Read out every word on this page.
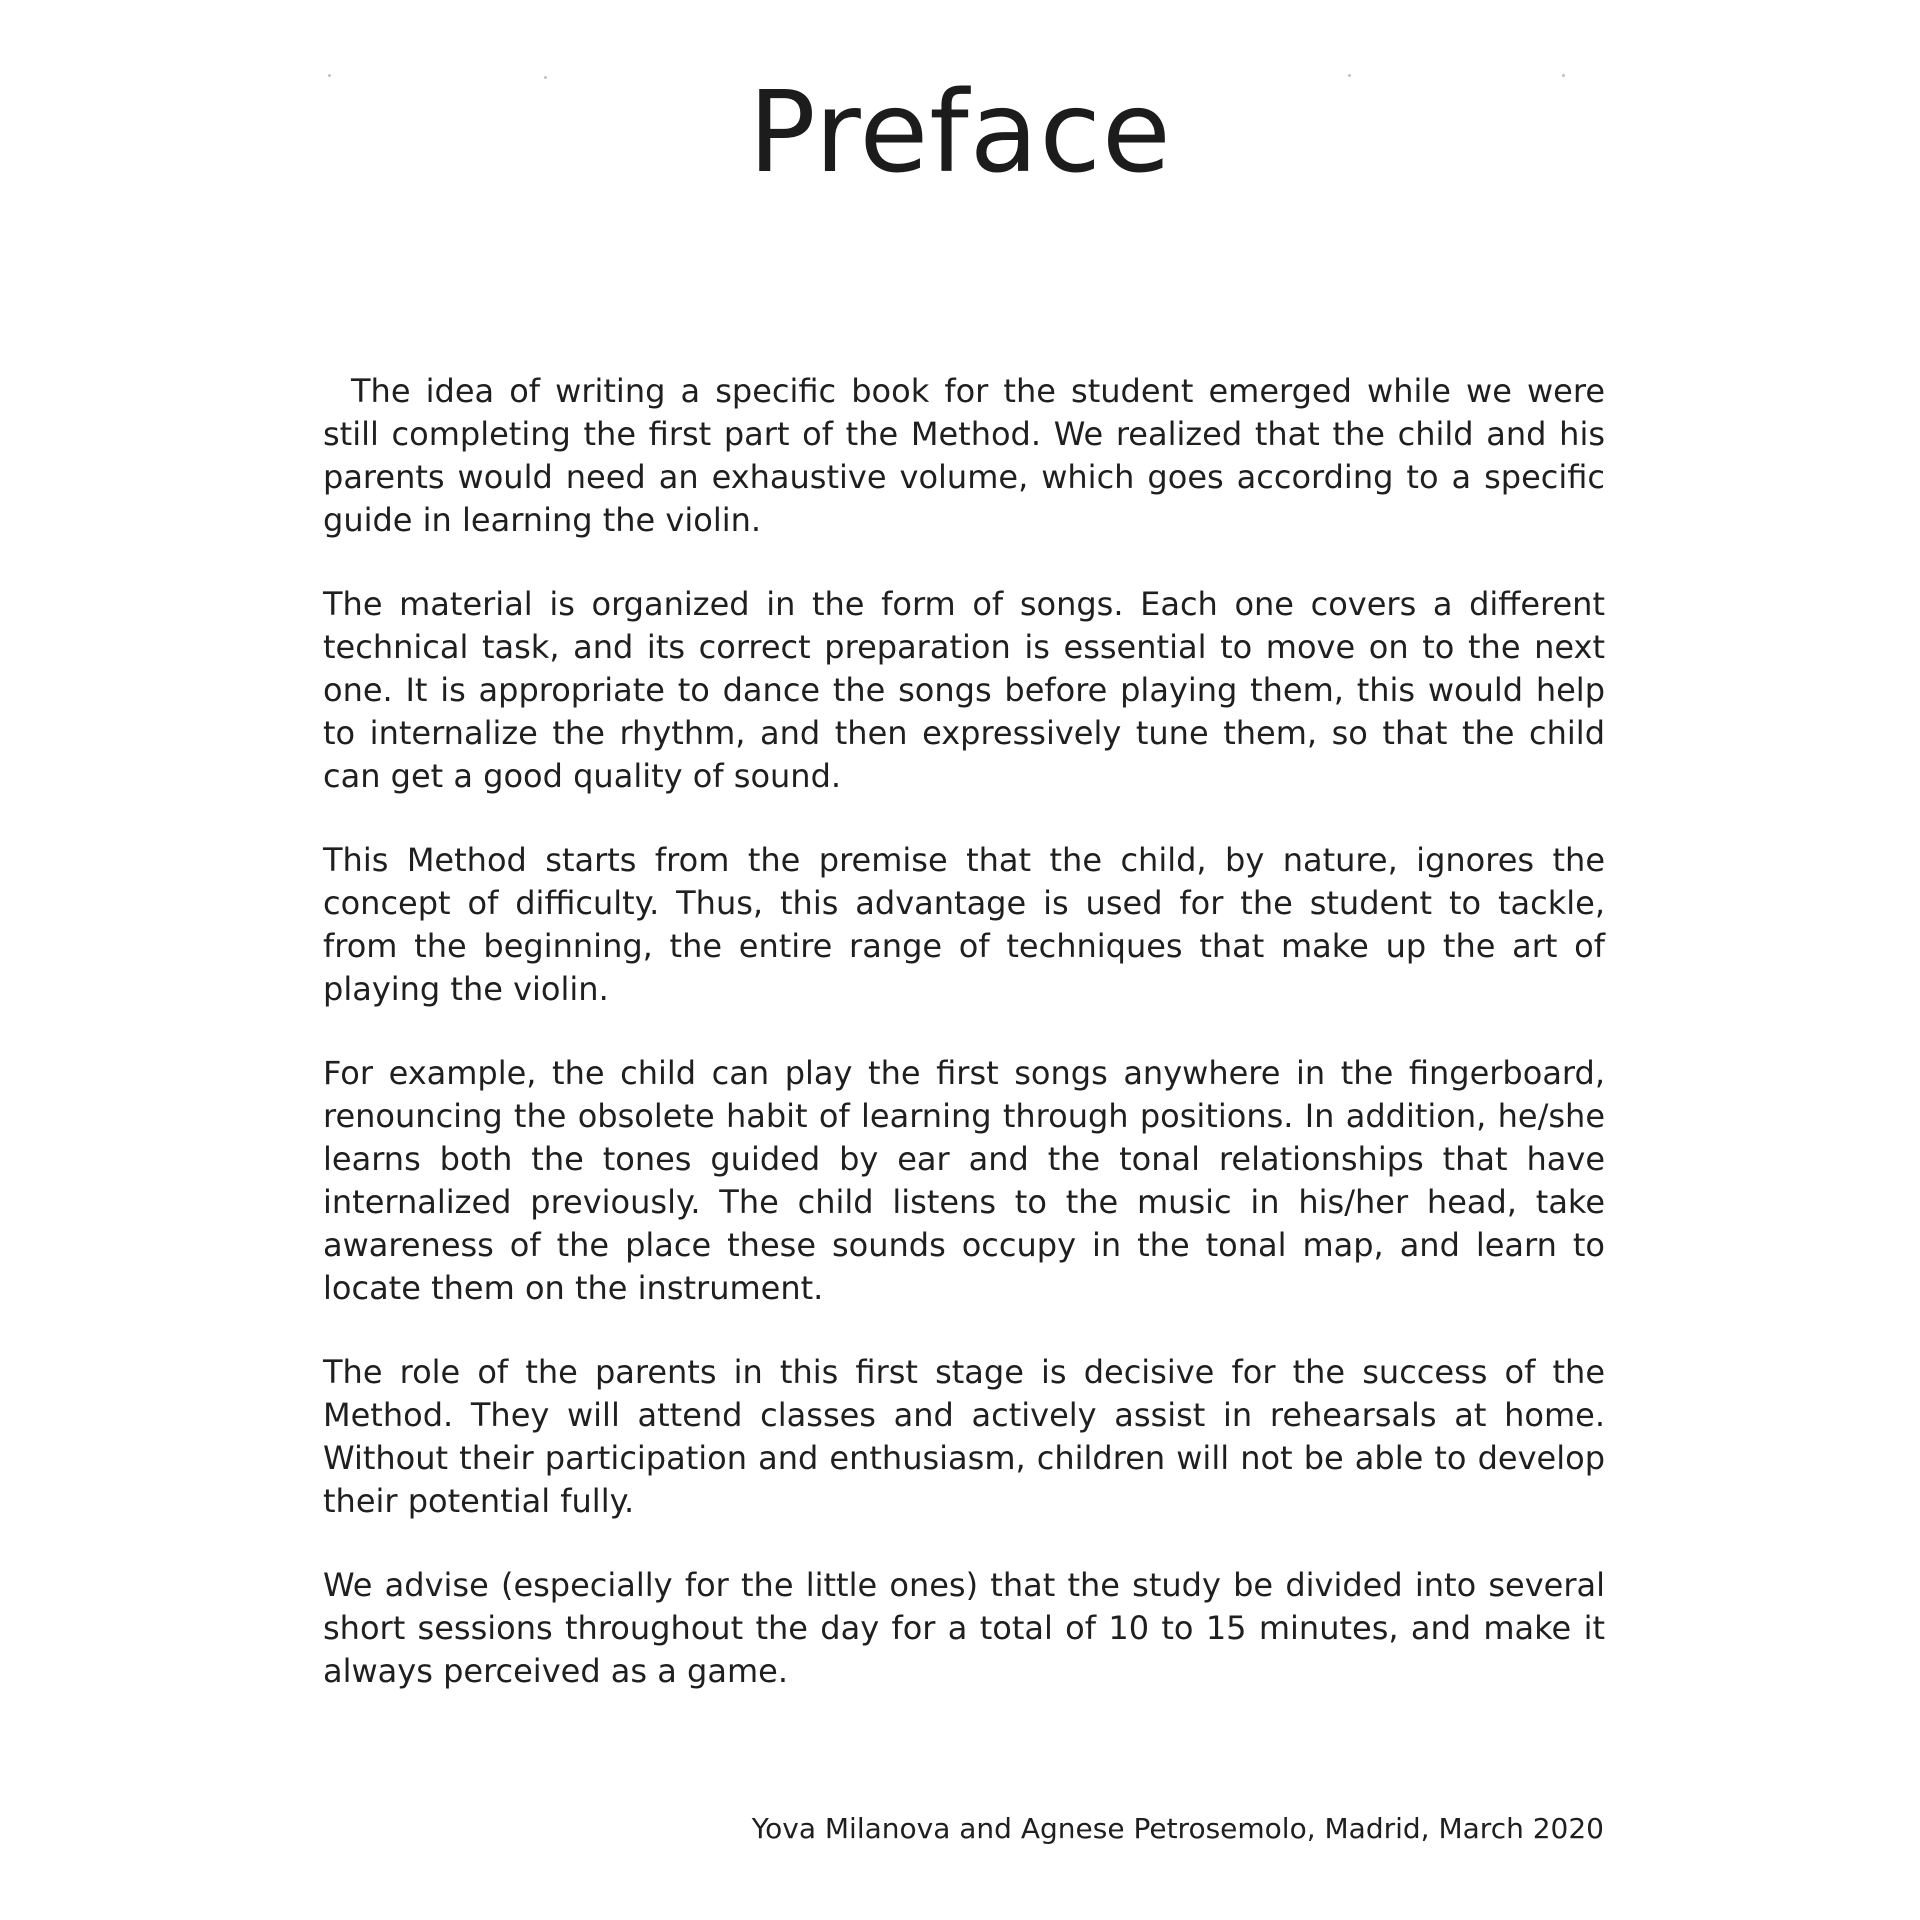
Preface

The idea of writing a specific book for the student emerged while we were still completing the first part of the Method. We realized that the child and his parents would need an exhaustive volume, which goes according to a specific guide in learning the violin.

The material is organized in the form of songs. Each one covers a different technical task, and its correct preparation is essential to move on to the next one. It is appropriate to dance the songs before playing them, this would help to internalize the rhythm, and then expressively tune them, so that the child can get a good quality of sound.

This Method starts from the premise that the child, by nature, ignores the concept of difficulty. Thus, this advantage is used for the student to tackle, from the beginning, the entire range of techniques that make up the art of playing the violin.

For example, the child can play the first songs anywhere in the fingerboard, renouncing the obsolete habit of learning through positions. In addition, he/she learns both the tones guided by ear and the tonal relationships that have internalized previously. The child listens to the music in his/her head, take awareness of the place these sounds occupy in the tonal map, and learn to locate them on the instrument.

The role of the parents in this first stage is decisive for the success of the Method. They will attend classes and actively assist in rehearsals at home. Without their participation and enthusiasm, children will not be able to develop their potential fully.

We advise (especially for the little ones) that the study be divided into several short sessions throughout the day for a total of 10 to 15 minutes, and make it always perceived as a game.

Yova Milanova and Agnese Petrosemolo, Madrid, March 2020
